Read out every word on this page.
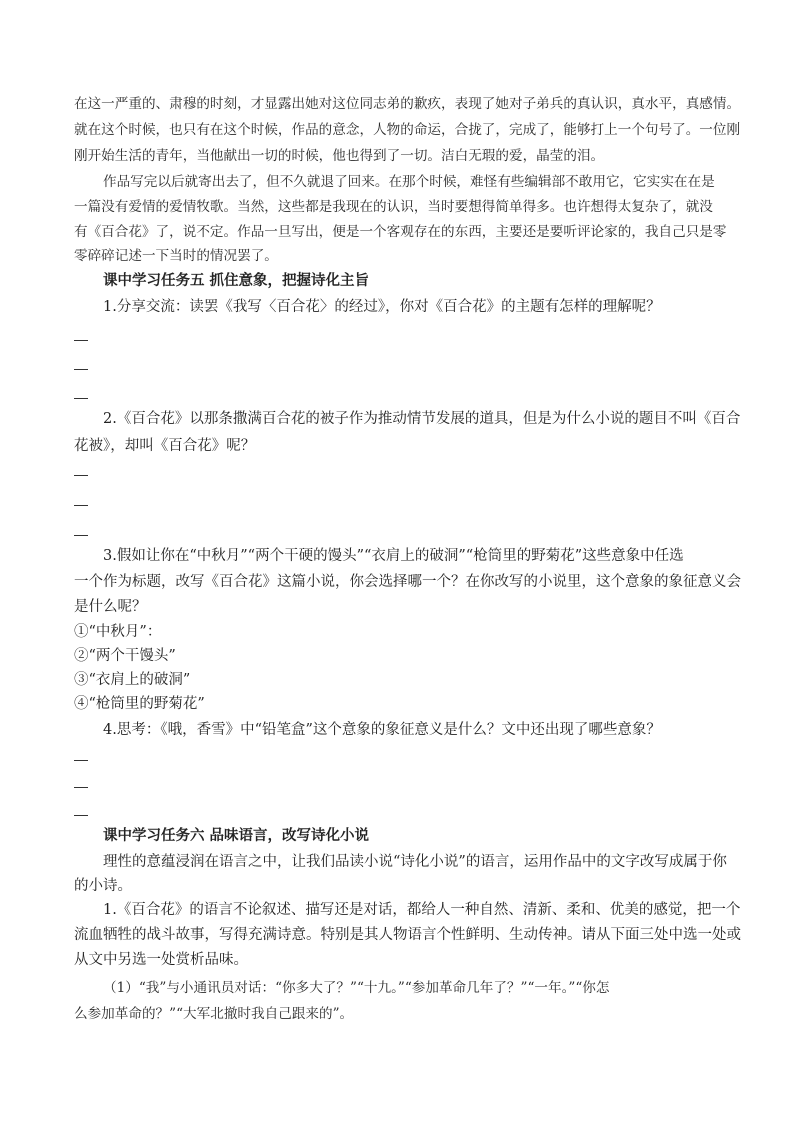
在这一严重的、肃穆的时刻，才显露出她对这位同志弟的歉疚，表现了她对子弟兵的真认识，真水平，真感情。
就在这个时候，也只有在这个时候，作品的意念，人物的命运，合拢了，完成了，能够打上一个句号了。一位刚
刚开始生活的青年，当他献出一切的时候，他也得到了一切。洁白无瑕的爱，晶莹的泪。
作品写完以后就寄出去了，但不久就退了回来。在那个时候，难怪有些编辑部不敢用它，它实实在在是
一篇没有爱情的爱情牧歌。当然，这些都是我现在的认识，当时要想得简单得多。也许想得太复杂了，就没
有《百合花》了，说不定。作品一旦写出，便是一个客观存在的东西，主要还是要听评论家的，我自己只是零
零碎碎记述一下当时的情况罢了。
课中学习任务五 抓住意象，把握诗化主旨
1.分享交流：读罢《我写〈百合花〉的经过》，你对《百合花》的主题有怎样的理解呢？
2.《百合花》以那条撒满百合花的被子作为推动情节发展的道具，但是为什么小说的题目不叫《百合
花被》，却叫《百合花》呢？
3.假如让你在“中秋月”“两个干硬的馒头”“衣肩上的破洞”“枪筒里的野菊花”这些意象中任选
一个作为标题，改写《百合花》这篇小说，你会选择哪一个？在你改写的小说里，这个意象的象征意义会
是什么呢？
①“中秋月”：
②“两个干馒头”
③“衣肩上的破洞”
④“枪筒里的野菊花”
4.思考：《哦，香雪》中“铅笔盒”这个意象的象征意义是什么？文中还出现了哪些意象？
课中学习任务六 品味语言，改写诗化小说
理性的意蕴浸润在语言之中，让我们品读小说“诗化小说”的语言，运用作品中的文字改写成属于你
的小诗。
1.《百合花》的语言不论叙述、描写还是对话，都给人一种自然、清新、柔和、优美的感觉，把一个
流血牺牲的战斗故事，写得充满诗意。特别是其人物语言个性鲜明、生动传神。请从下面三处中选一处或
从文中另选一处赏析品味。
（1）“我”与小通讯员对话：“你多大了？”“十九。”“参加革命几年了？”“一年。”“你怎
么参加革命的？”“大军北撤时我自己跟来的”。
